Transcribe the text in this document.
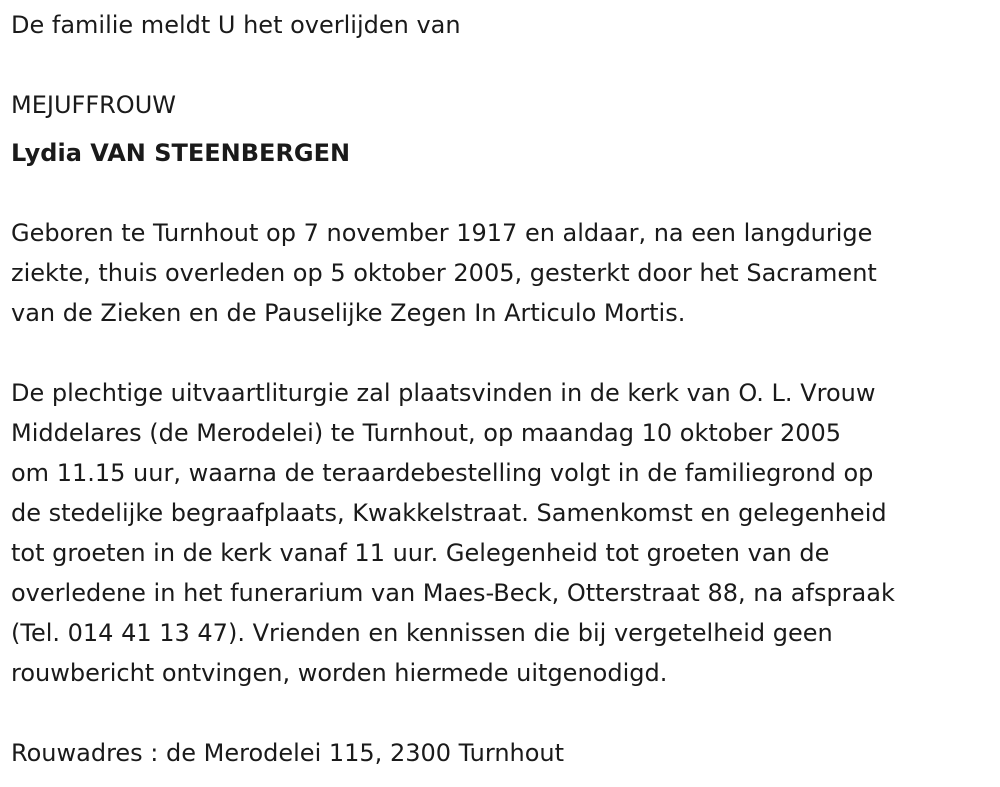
De familie meldt U het overlijden van
MEJUFFROUW
Lydia VAN STEENBERGEN
Geboren te Turnhout op 7 november 1917 en aldaar, na een langdurige
ziekte, thuis overleden op 5 oktober 2005, gesterkt door het Sacrament
van de Zieken en de Pauselijke Zegen In Articulo Mortis.
De plechtige uitvaartliturgie zal plaatsvinden in de kerk van O. L. Vrouw
Middelares (de Merodelei) te Turnhout, op maandag 10 oktober 2005
om 11.15 uur, waarna de teraardebestelling volgt in de familiegrond op
de stedelijke begraafplaats, Kwakkelstraat. Samenkomst en gelegenheid
tot groeten in de kerk vanaf 11 uur. Gelegenheid tot groeten van de
overledene in het funerarium van Maes-Beck, Otterstraat 88, na afspraak
(Tel. 014 41 13 47). Vrienden en kennissen die bij vergetelheid geen
rouwbericht ontvingen, worden hiermede uitgenodigd.
Rouwadres : de Merodelei 115, 2300 Turnhout
